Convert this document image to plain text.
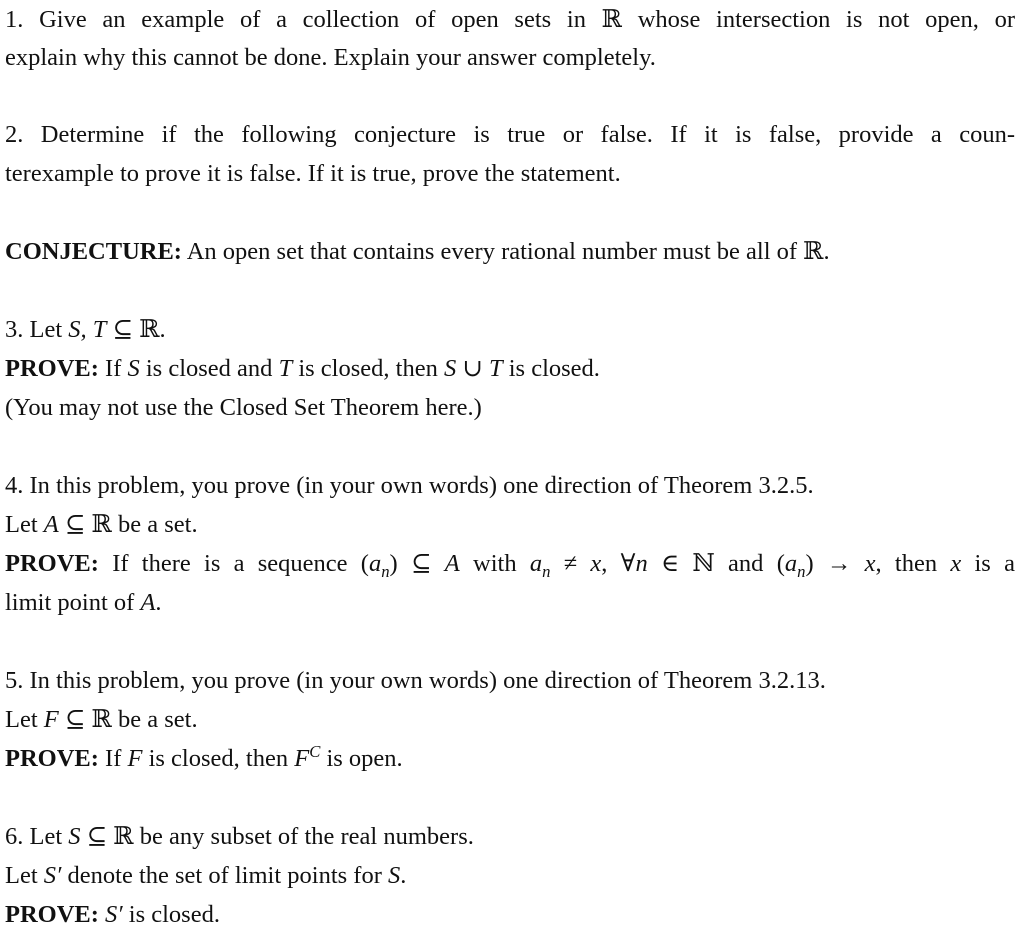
1. Give an example of a collection of open sets in ℝ whose intersection is not open, or
explain why this cannot be done. Explain your answer completely.
2. Determine if the following conjecture is true or false. If it is false, provide a coun-
terexample to prove it is false. If it is true, prove the statement.
CONJECTURE: An open set that contains every rational number must be all of ℝ.
3. Let S, T ⊆ ℝ.
PROVE: If S is closed and T is closed, then S ∪ T is closed.
(You may not use the Closed Set Theorem here.)
4. In this problem, you prove (in your own words) one direction of Theorem 3.2.5.
Let A ⊆ ℝ be a set.
PROVE: If there is a sequence $(a_n)$ ⊆ A with $a_n \ne x$, ∀n ∈ ℕ and $(a_n) \to x$, then x is a
limit point of A.
5. In this problem, you prove (in your own words) one direction of Theorem 3.2.13.
Let F ⊆ ℝ be a set.
PROVE: If F is closed, then $F^C$ is open.
6. Let S ⊆ ℝ be any subset of the real numbers.
Let S′ denote the set of limit points for S.
PROVE: S′ is closed.
